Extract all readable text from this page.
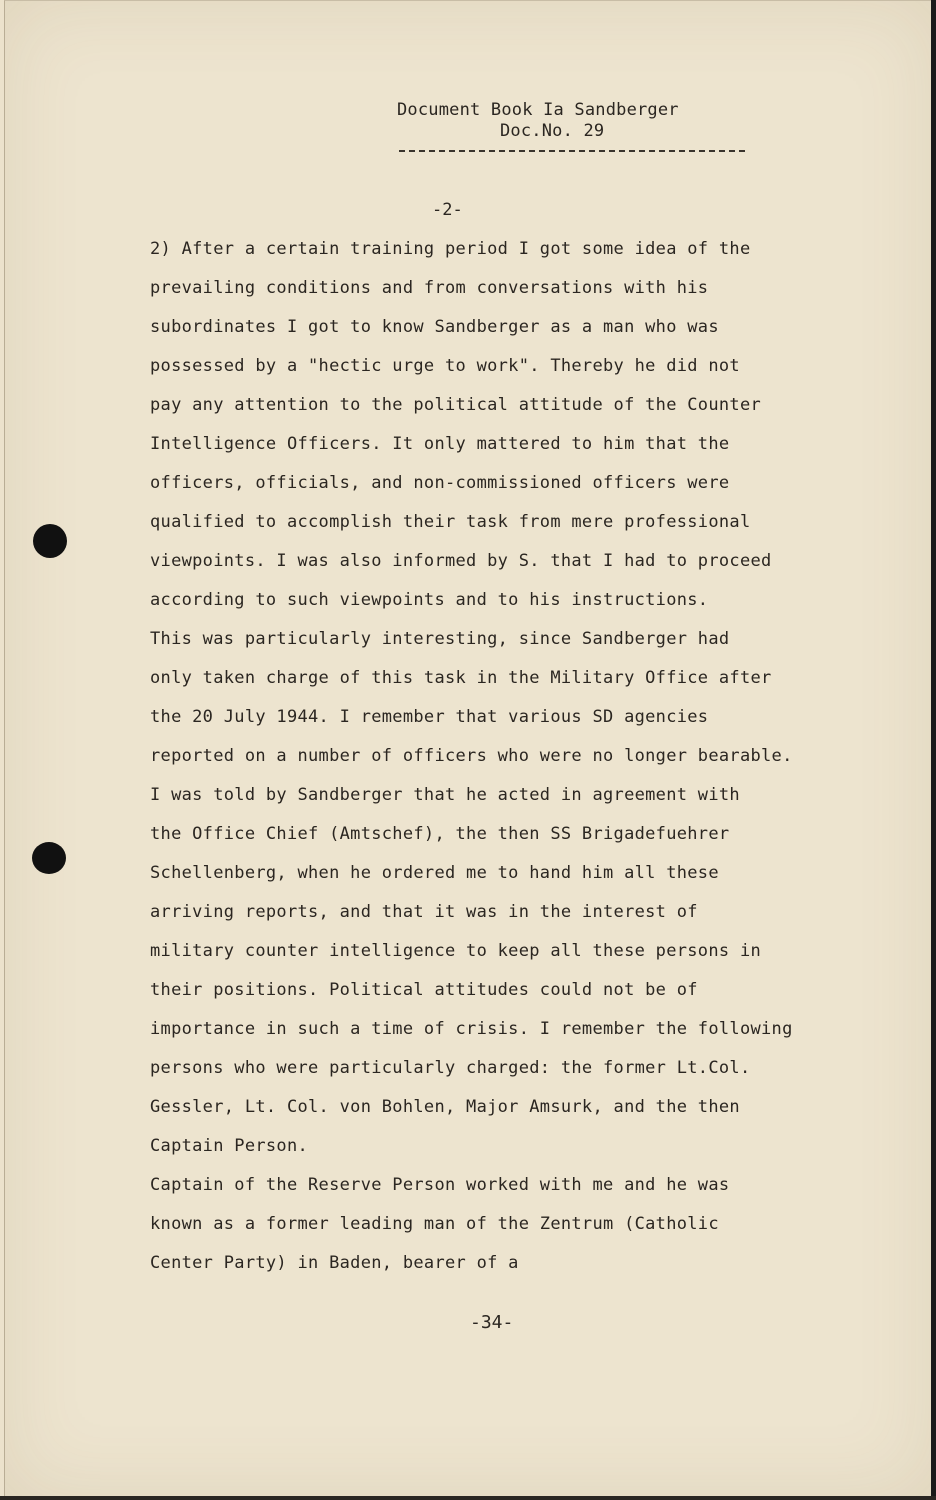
Document Book Ia Sandberger
Doc.No. 29
-2-
2) After a certain training period I got some idea of the
prevailing conditions and from conversations with his
subordinates I got to know Sandberger as a man who was
possessed by a "hectic urge to work". Thereby he did not
pay any attention to the political attitude of the Counter
Intelligence Officers. It only mattered to him that the
officers, officials, and non-commissioned officers were
qualified to accomplish their task from mere professional
viewpoints. I was also informed by S. that I had to proceed
according to such viewpoints and to his instructions.
This was particularly interesting, since Sandberger had
only taken charge of this task in the Military Office after
the 20 July 1944. I remember that various SD agencies
reported on a number of officers who were no longer bearable.
I was told by Sandberger that he acted in agreement with
the Office Chief (Amtschef), the then SS Brigadefuehrer
Schellenberg, when he ordered me to hand him all these
arriving reports, and that it was in the interest of
military counter intelligence to keep all these persons in
their positions. Political attitudes could not be of
importance in such a time of crisis. I remember the following
persons who were particularly charged: the former Lt.Col.
Gessler, Lt. Col. von Bohlen, Major Amsurk, and the then
Captain Person.
Captain of the Reserve Person worked with me and he was
known as a former leading man of the Zentrum (Catholic
Center Party) in Baden, bearer of a
-34-
